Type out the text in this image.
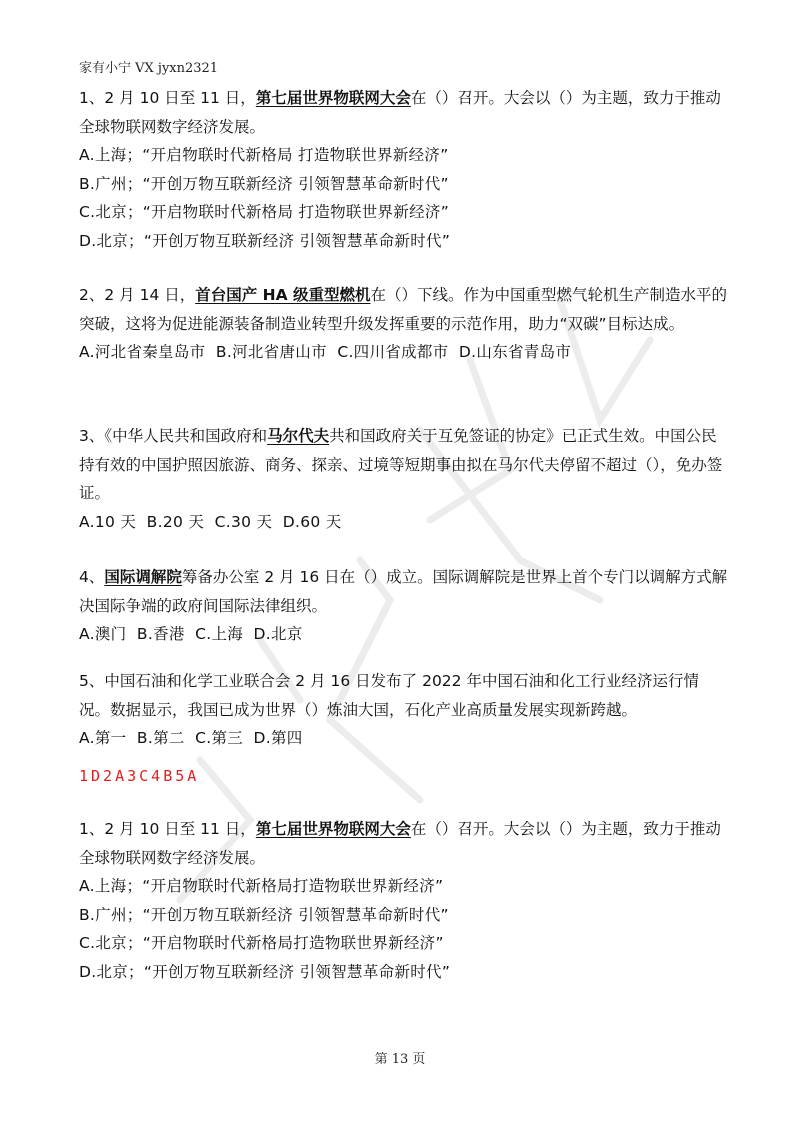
家有小宁 VX jyxn2321

1、2 月 10 日至 11 日，第七届世界物联网大会在（）召开。大会以（）为主题，致力于推动全球物联网数字经济发展。

A.上海；“开启物联时代新格局 打造物联世界新经济”

B.广州；“开创万物互联新经济 引领智慧革命新时代”

C.北京；“开启物联时代新格局 打造物联世界新经济”

D.北京；“开创万物互联新经济 引领智慧革命新时代”

2、2 月 14 日，首台国产 HA 级重型燃机在（）下线。作为中国重型燃气轮机生产制造水平的突破，这将为促进能源装备制造业转型升级发挥重要的示范作用，助力“双碳”目标达成。

A.河北省秦皇岛市  B.河北省唐山市  C.四川省成都市  D.山东省青岛市

3、《中华人民共和国政府和马尔代夫共和国政府关于互免签证的协定》已正式生效。中国公民持有效的中国护照因旅游、商务、探亲、过境等短期事由拟在马尔代夫停留不超过（），免办签证。

A.10 天  B.20 天  C.30 天  D.60 天

4、国际调解院筹备办公室 2 月 16 日在（）成立。国际调解院是世界上首个专门以调解方式解决国际争端的政府间国际法律组织。

A.澳门  B.香港  C.上海  D.北京

5、中国石油和化学工业联合会 2 月 16 日发布了 2022 年中国石油和化工行业经济运行情况。数据显示，我国已成为世界（）炼油大国，石化产业高质量发展实现新跨越。

A.第一  B.第二  C.第三  D.第四

1D2A3C4B5A

1、2 月 10 日至 11 日，第七届世界物联网大会在（）召开。大会以（）为主题，致力于推动全球物联网数字经济发展。

A.上海；“开启物联时代新格局打造物联世界新经济”

B.广州；“开创万物互联新经济 引领智慧革命新时代”

C.北京；“开启物联时代新格局打造物联世界新经济”

D.北京；“开创万物互联新经济 引领智慧革命新时代”

第 13 页
